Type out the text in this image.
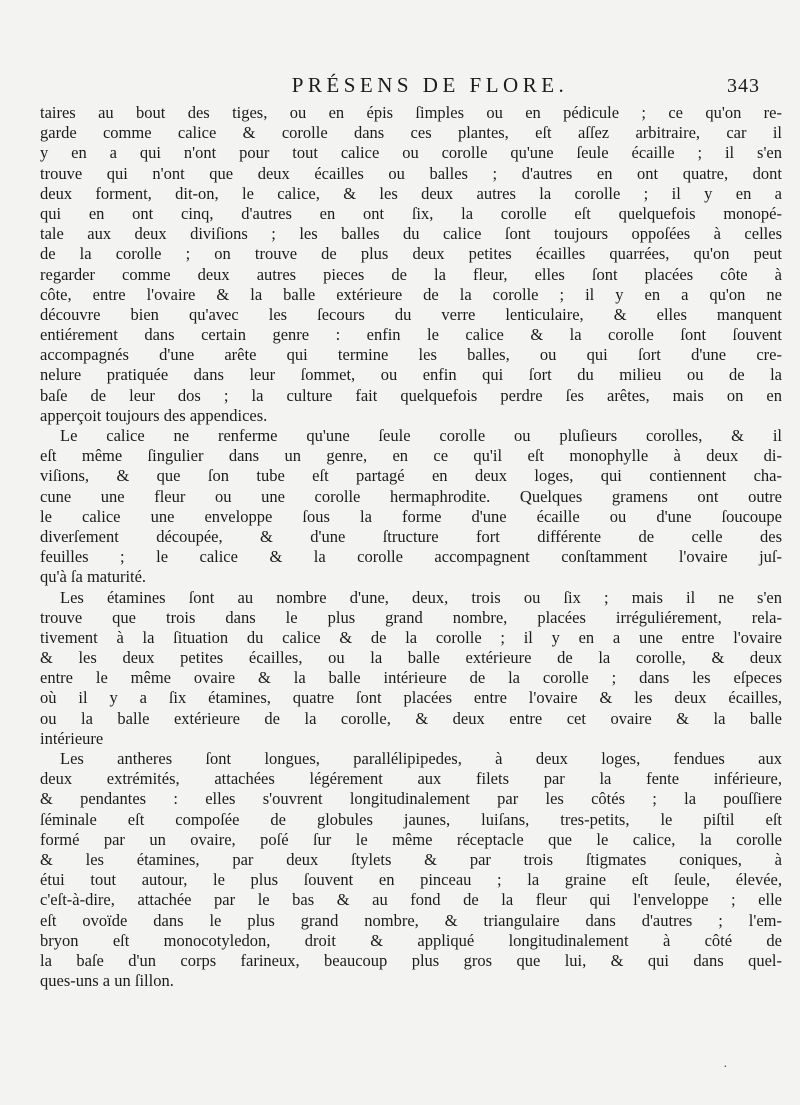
PRÉSENS DE FLORE.	343
taires au bout des tiges, ou en épis ſimples ou en pédicule ; ce qu'on re-
garde comme calice & corolle dans ces plantes, eſt aſſez arbitraire, car il
y en a qui n'ont pour tout calice ou corolle qu'une ſeule écaille ; il s'en
trouve qui n'ont que deux écailles ou balles ; d'autres en ont quatre, dont
deux forment, dit-on, le calice, & les deux autres la corolle ; il y en a
qui en ont cinq, d'autres en ont ſix, la corolle eſt quelquefois monopé-
tale aux deux diviſions ; les balles du calice ſont toujours oppoſées à celles
de la corolle ; on trouve de plus deux petites écailles quarrées, qu'on peut
regarder comme deux autres pieces de la fleur, elles ſont placées côte à
côte, entre l'ovaire & la balle extérieure de la corolle ; il y en a qu'on ne
découvre bien qu'avec les ſecours du verre lenticulaire, & elles manquent
entiérement dans certain genre : enfin le calice & la corolle ſont ſouvent
accompagnés d'une arête qui termine les balles, ou qui ſort d'une cre-
nelure pratiquée dans leur ſommet, ou enfin qui ſort du milieu ou de la
baſe de leur dos ; la culture fait quelquefois perdre ſes arêtes, mais on en
apperçoit toujours des appendices.
Le calice ne renferme qu'une ſeule corolle ou pluſieurs corolles, & il
eſt même ſingulier dans un genre, en ce qu'il eſt monophylle à deux di-
viſions, & que ſon tube eſt partagé en deux loges, qui contiennent cha-
cune une fleur ou une corolle hermaphrodite. Quelques gramens ont outre
le calice une enveloppe ſous la forme d'une écaille ou d'une ſoucoupe
diverſement découpée, & d'une ſtructure fort différente de celle des
feuilles ; le calice & la corolle accompagnent conſtamment l'ovaire juſ-
qu'à ſa maturité.
Les étamines ſont au nombre d'une, deux, trois ou ſix ; mais il ne s'en
trouve que trois dans le plus grand nombre, placées irréguliérement, rela-
tivement à la ſituation du calice & de la corolle ; il y en a une entre l'ovaire
& les deux petites écailles, ou la balle extérieure de la corolle, & deux
entre le même ovaire & la balle intérieure de la corolle ; dans les eſpeces
où il y a ſix étamines, quatre ſont placées entre l'ovaire & les deux écailles,
ou la balle extérieure de la corolle, & deux entre cet ovaire & la balle
intérieure
Les antheres ſont longues, parallélipipedes, à deux loges, fendues aux
deux extrémités, attachées légérement aux filets par la fente inférieure,
& pendantes : elles s'ouvrent longitudinalement par les côtés ; la pouſſiere
ſéminale eſt compoſée de globules jaunes, luiſans, tres-petits, le piſtil eſt
formé par un ovaire, poſé ſur le même réceptacle que le calice, la corolle
& les étamines, par deux ſtylets & par trois ſtigmates coniques, à
étui tout autour, le plus ſouvent en pinceau ; la graine eſt ſeule, élevée,
c'eſt-à-dire, attachée par le bas & au fond de la fleur qui l'enveloppe ; elle
eſt ovoïde dans le plus grand nombre, & triangulaire dans d'autres ; l'em-
bryon eſt monocotyledon, droit & appliqué longitudinalement à côté de
la baſe d'un corps farineux, beaucoup plus gros que lui, & qui dans quel-
ques-uns a un ſillon.
·
